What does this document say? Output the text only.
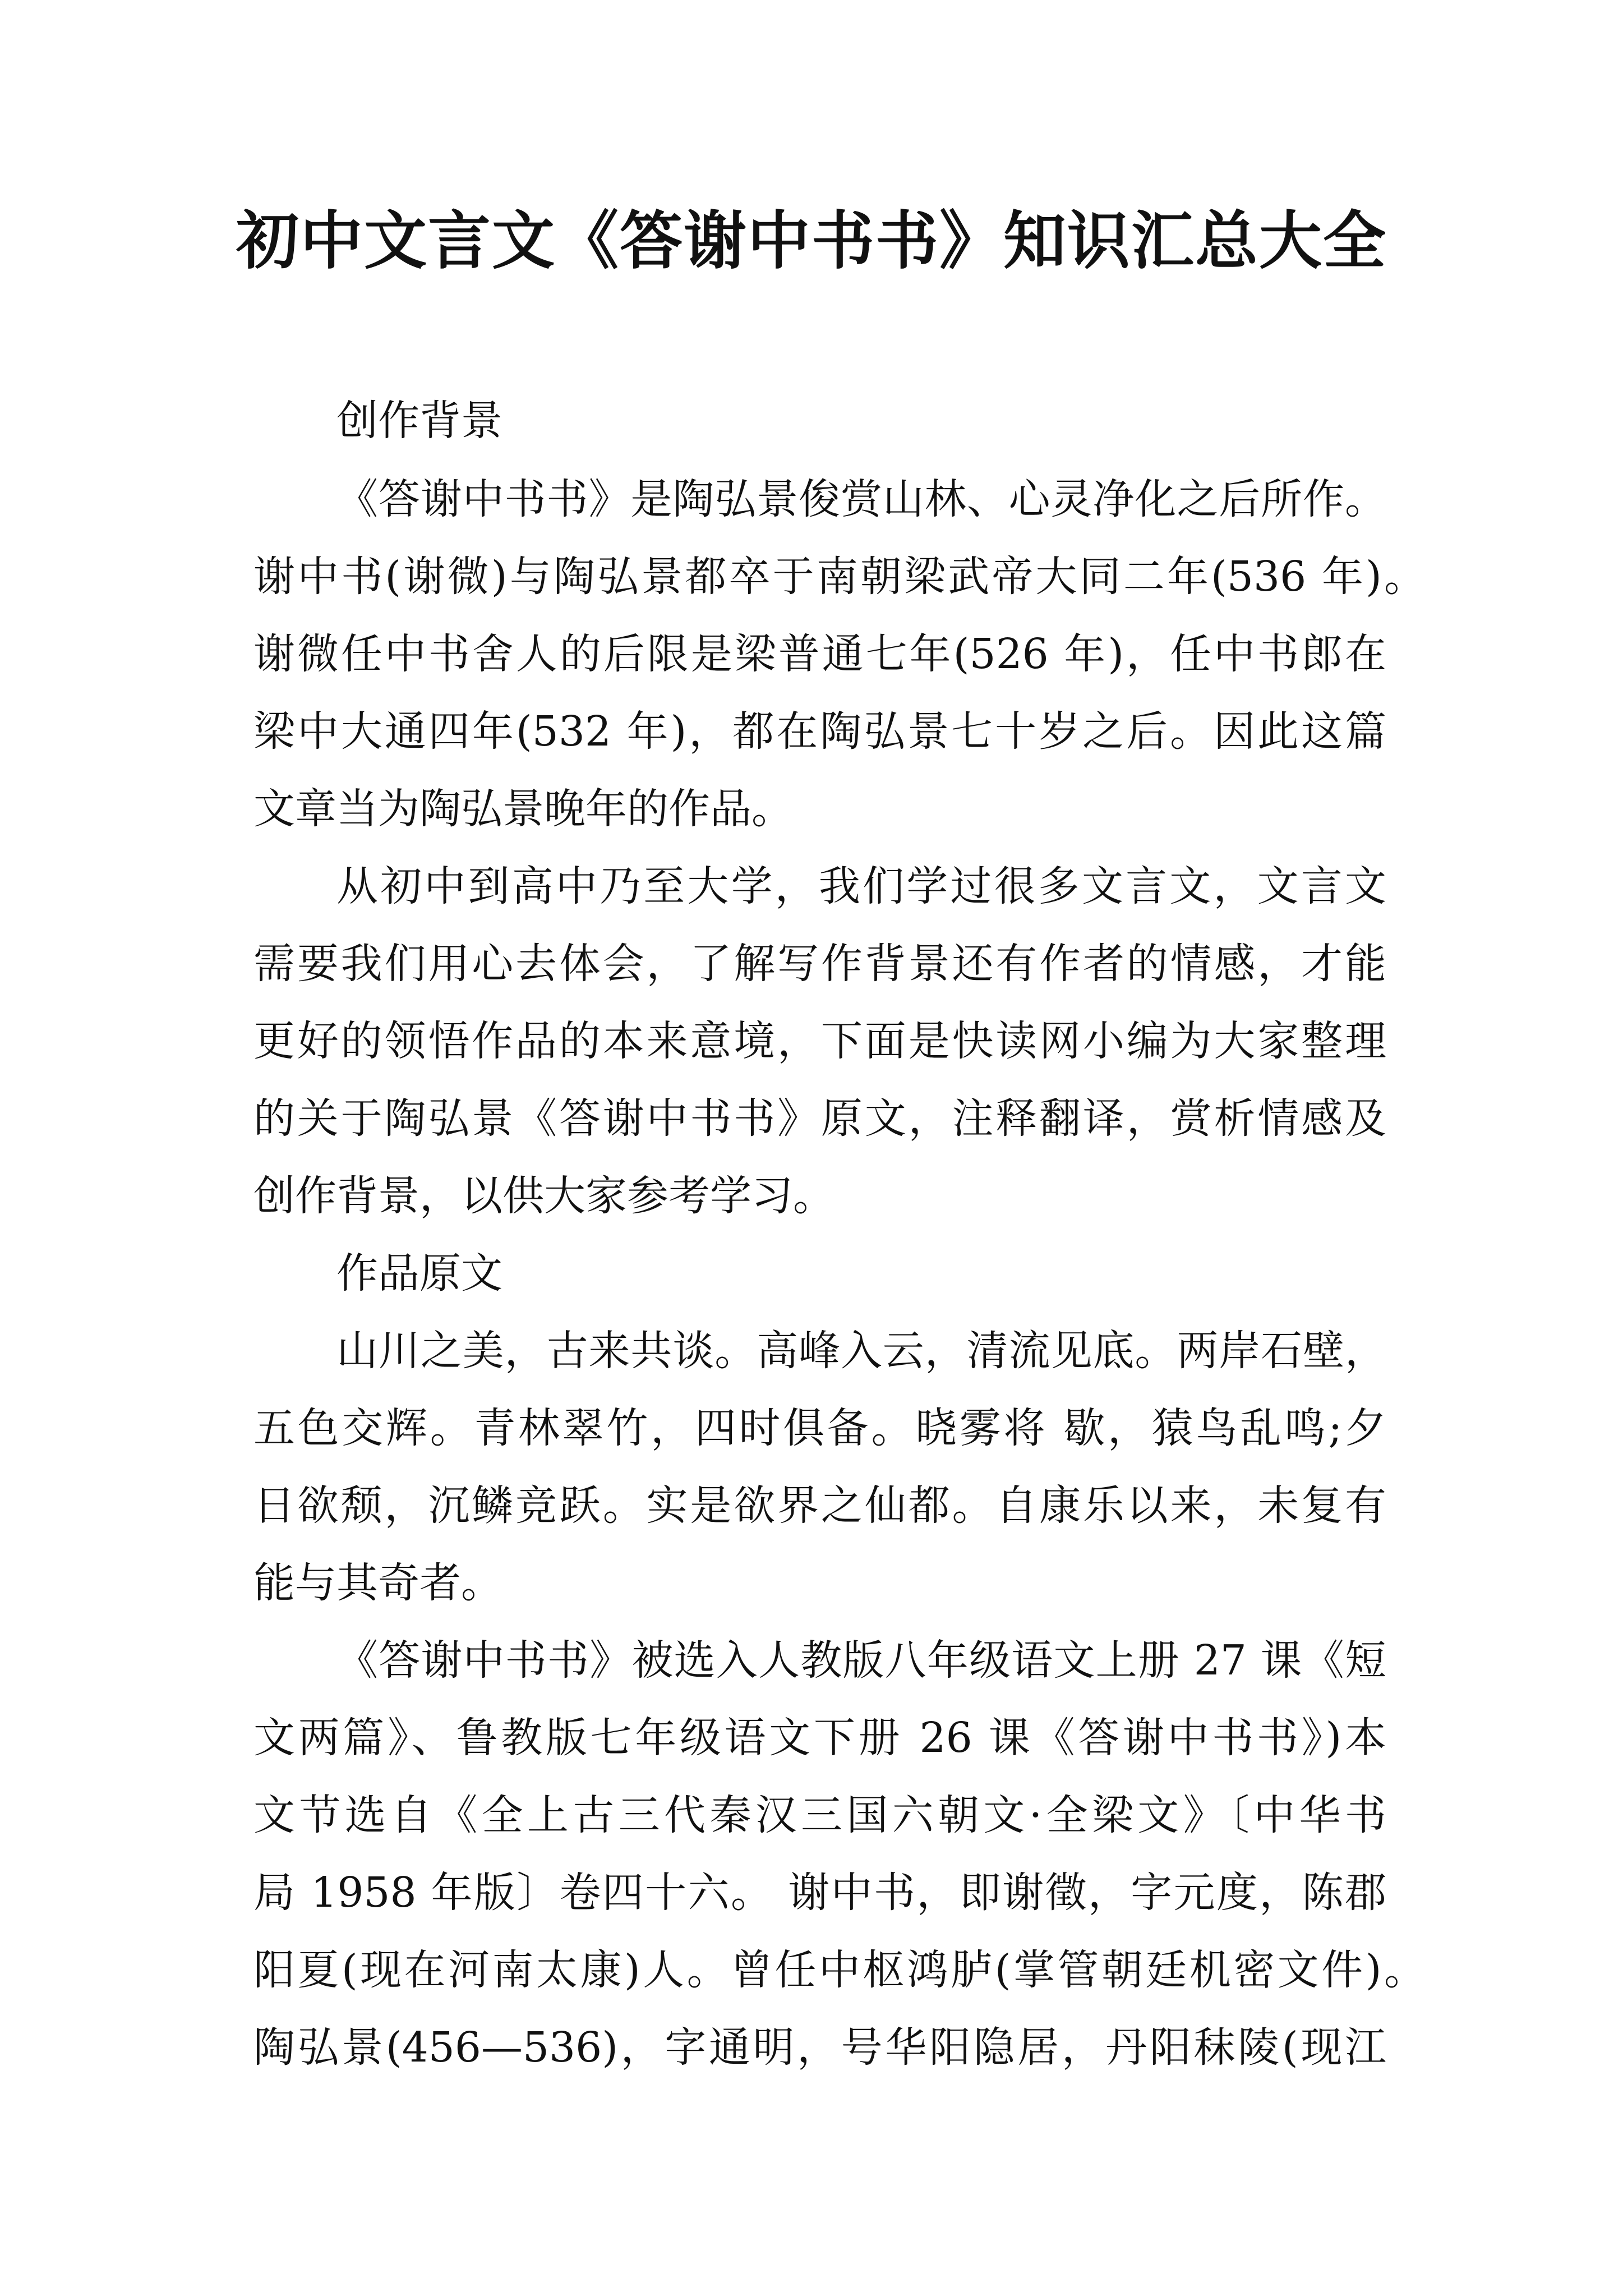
初中文言文《答谢中书书》知识汇总大全

创作背景

《答谢中书书》是陶弘景俊赏山林、心灵净化之后所作。

谢中书(谢微)与陶弘景都卒于南朝梁武帝大同二年(536 年)。

谢微任中书舍人的后限是梁普通七年(526 年)，任中书郎在

梁中大通四年(532 年)，都在陶弘景七十岁之后。因此这篇

文章当为陶弘景晚年的作品。

从初中到高中乃至大学，我们学过很多文言文，文言文

需要我们用心去体会，了解写作背景还有作者的情感，才能

更好的领悟作品的本来意境，下面是快读网小编为大家整理

的关于陶弘景《答谢中书书》原文，注释翻译，赏析情感及

创作背景，以供大家参考学习。

作品原文

山川之美，古来共谈。高峰入云，清流见底。两岸石壁，

五色交辉。青林翠竹，四时俱备。晓雾将 歇，猿鸟乱鸣;夕

日欲颓，沉鳞竞跃。实是欲界之仙都。自康乐以来，未复有

能与其奇者。

《答谢中书书》被选入人教版八年级语文上册 27 课《短

文两篇》、鲁教版七年级语文下册 26 课《答谢中书书》)本

文节选自《全上古三代秦汉三国六朝文·全梁文》〔中华书

局 1958 年版〕卷四十六。 谢中书，即谢徵，字元度，陈郡

阳夏(现在河南太康)人。曾任中枢鸿胪(掌管朝廷机密文件)。

陶弘景(456—536)，字通明，号华阳隐居，丹阳秣陵(现江
